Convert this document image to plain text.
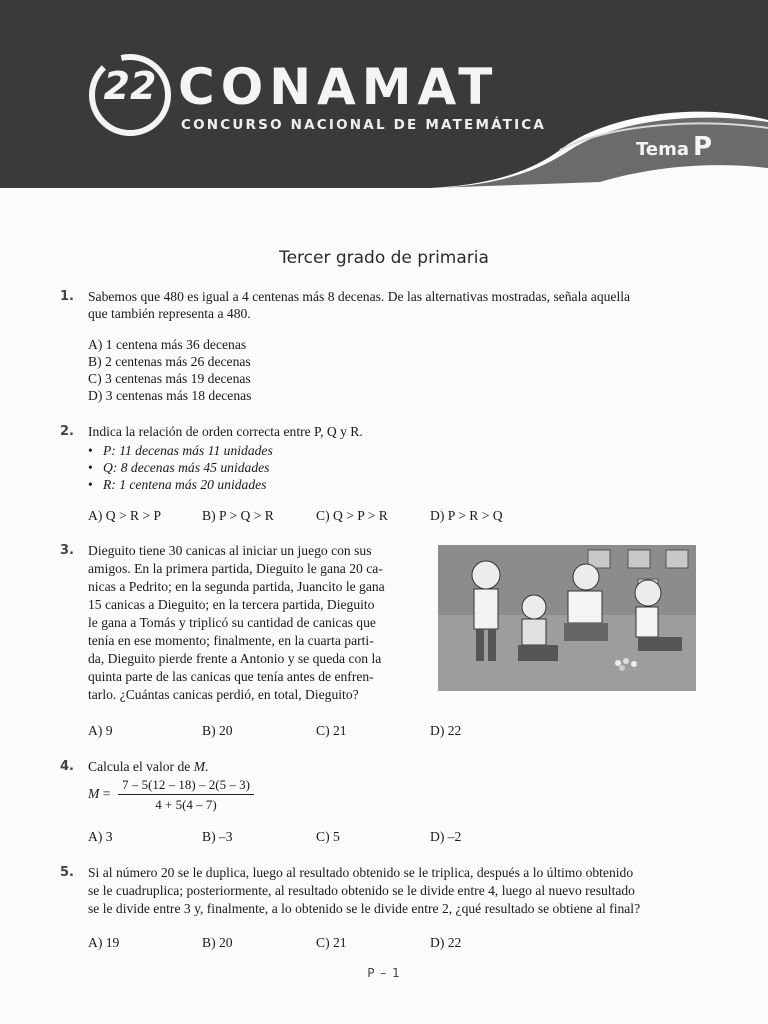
22 CONAMAT
CONCURSO NACIONAL DE MATEMÁTICA
Tema P
Tercer grado de primaria
1. Sabemos que 480 es igual a 4 centenas más 8 decenas. De las alternativas mostradas, señala aquella
que también representa a 480.
A) 1 centena más 36 decenas
B) 2 centenas más 26 decenas
C) 3 centenas más 19 decenas
D) 3 centenas más 18 decenas
2. Indica la relación de orden correcta entre P, Q y R.
•   P: 11 decenas más 11 unidades
•   Q: 8 decenas más 45 unidades
•   R: 1 centena más 20 unidades
A) Q > R > P	B) P > Q > R	C) Q > P > R	D) P > R > Q
3. Dieguito tiene 30 canicas al iniciar un juego con sus
amigos. En la primera partida, Dieguito le gana 20 ca-
nicas a Pedrito; en la segunda partida, Juancito le gana
15 canicas a Dieguito; en la tercera partida, Dieguito
le gana a Tomás y triplicó su cantidad de canicas que
tenía en ese momento; finalmente, en la cuarta parti-
da, Dieguito pierde frente a Antonio y se queda con la
quinta parte de las canicas que tenía antes de enfren-
tarlo. ¿Cuántas canicas perdió, en total, Dieguito?
A) 9	B) 20	C) 21	D) 22
4. Calcula el valor de M.
M =
7 – 5(12 – 18) – 2(5 – 3)
4 + 5(4 – 7)
A) 3	B) –3	C) 5	D) –2
5. Si al número 20 se le duplica, luego al resultado obtenido se le triplica, después a lo último obtenido
se le cuadruplica; posteriormente, al resultado obtenido se le divide entre 4, luego al nuevo resultado
se le divide entre 3 y, finalmente, a lo obtenido se le divide entre 2, ¿qué resultado se obtiene al final?
A) 19	B) 20	C) 21	D) 22
P – 1
